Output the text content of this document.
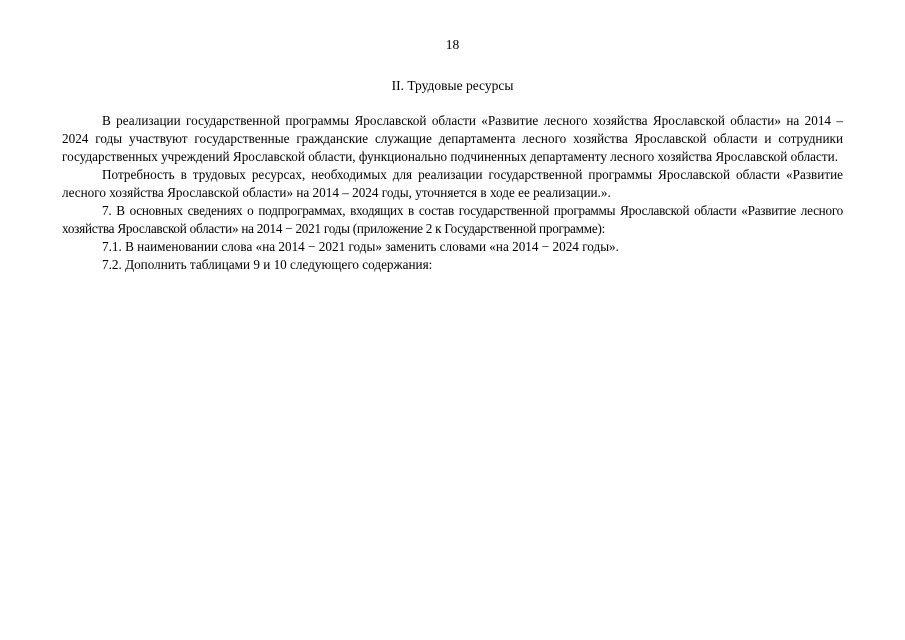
18
II. Трудовые ресурсы

В реализации государственной программы Ярославской области «Развитие лесного хозяйства Ярославской области» на 2014 – 2024 годы участвуют государственные гражданские служащие департамента лесного хозяйства Ярославской области и сотрудники государственных учреждений Ярославской области, функционально подчиненных департаменту лесного хозяйства Ярославской области.

Потребность в трудовых ресурсах, необходимых для реализации государственной программы Ярославской области «Развитие лесного хозяйства Ярославской области» на 2014 – 2024 годы, уточняется в ходе ее реализации.».

7. В основных сведениях о подпрограммах, входящих в состав государственной программы Ярославской области «Развитие лесного хозяйства Ярославской области» на 2014 − 2021 годы (приложение 2 к Государственной программе):

7.1. В наименовании слова «на 2014 − 2021 годы» заменить словами «на 2014 − 2024 годы».

7.2. Дополнить таблицами 9 и 10 следующего содержания:
